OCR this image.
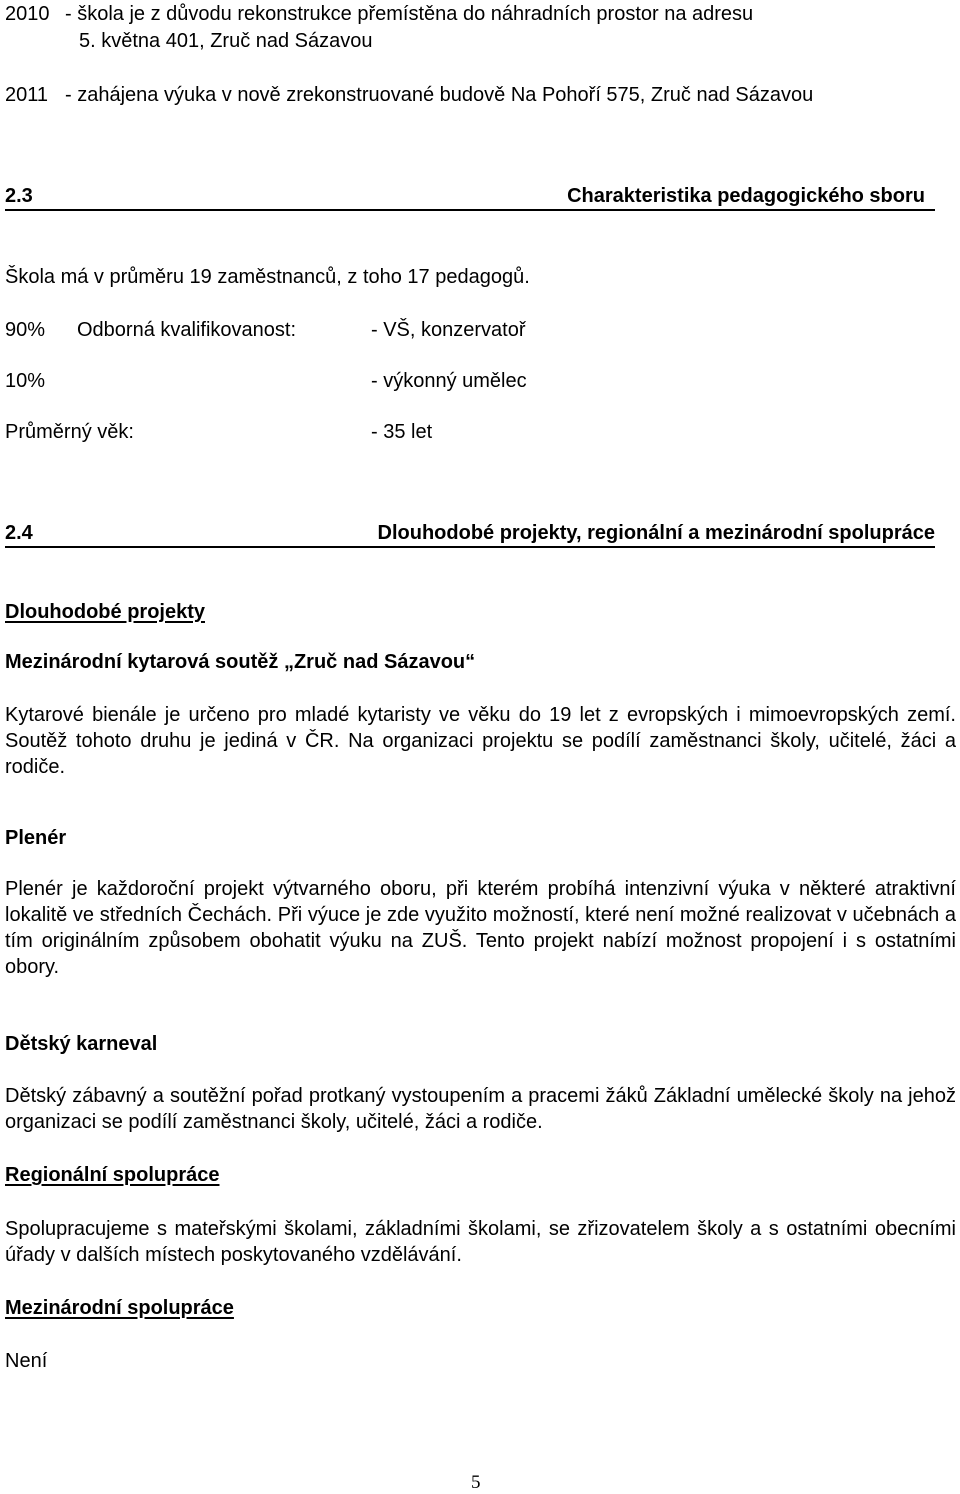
2010 - škola je z důvodu rekonstrukce přemístěna do náhradních prostor na adresu
5. května 401, Zruč nad Sázavou
2011 - zahájena výuka v nově zrekonstruované budově Na Pohoří 575, Zruč nad Sázavou
2.3	Charakteristika pedagogického sboru
Škola má v průměru 19 zaměstnanců, z toho 17 pedagogů.
90% Odborná kvalifikovanost:	- VŠ, konzervatoř
10%	- výkonný umělec
Průměrný věk:	- 35 let
2.4	Dlouhodobé projekty, regionální a mezinárodní spolupráce
Dlouhodobé projekty
Mezinárodní kytarová soutěž „Zruč nad Sázavou“
Kytarové bienále je určeno pro mladé kytaristy ve věku do 19 let z evropských i mimoevropských zemí. Soutěž tohoto druhu je jediná v ČR. Na organizaci projektu se podílí zaměstnanci školy, učitelé, žáci a rodiče.
Plenér
Plenér je každoroční projekt výtvarného oboru, při kterém probíhá intenzivní výuka v některé atraktivní lokalitě ve středních Čechách. Při výuce je zde využito možností, které není možné realizovat v učebnách a tím originálním způsobem obohatit výuku na ZUŠ. Tento projekt nabízí možnost propojení i s ostatními obory.
Dětský karneval
Dětský zábavný a soutěžní pořad protkaný vystoupením a pracemi žáků Základní umělecké školy na jehož organizaci se podílí zaměstnanci školy, učitelé, žáci a rodiče.
Regionální spolupráce
Spolupracujeme s mateřskými školami, základními školami, se zřizovatelem školy a s ostatními obecními úřady v dalších místech poskytovaného vzdělávání.
Mezinárodní spolupráce
Není
5
